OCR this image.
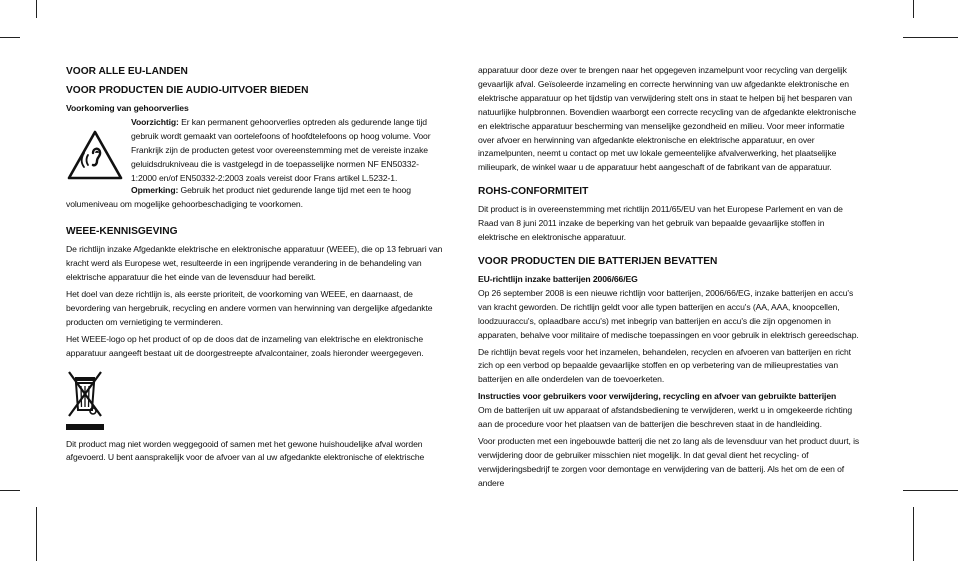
VOOR ALLE EU-LANDEN
VOOR PRODUCTEN DIE AUDIO-UITVOER BIEDEN
Voorkoming van gehoorverlies

Voorzichtig: Er kan permanent gehoorverlies optreden als gedurende lange tijd gebruik wordt gemaakt van oortelefoons of hoofdtelefoons op hoog volume. Voor Frankrijk zijn de producten getest voor overeenstemming met de vereiste inzake geluidsdrukniveau die is vastgelegd in de toepasselijke normen NF EN50332-1:2000 en/of EN50332-2:2003 zoals vereist door Frans artikel L.5232-1.

Opmerking: Gebruik het product niet gedurende lange tijd met een te hoog volumeniveau om mogelijke gehoorbeschadiging te voorkomen.

WEEE-KENNISGEVING

De richtlijn inzake Afgedankte elektrische en elektronische apparatuur (WEEE), die op 13 februari van kracht werd als Europese wet, resulteerde in een ingrijpende verandering in de behandeling van elektrische apparatuur die het einde van de levensduur had bereikt.

Het doel van deze richtlijn is, als eerste prioriteit, de voorkoming van WEEE, en daarnaast, de bevordering van hergebruik, recycling en andere vormen van herwinning van dergelijke afgedankte producten om vernietiging te verminderen.

Het WEEE-logo op het product of op de doos dat de inzameling van elektrische en elektronische apparatuur aangeeft bestaat uit de doorgestreepte afvalcontainer, zoals hieronder weergegeven.

Dit product mag niet worden weggegooid of samen met het gewone huishoudelijke afval worden afgevoerd. U bent aansprakelijk voor de afvoer van al uw afgedankte elektronische of elektrische

apparatuur door deze over te brengen naar het opgegeven inzamelpunt voor recycling van dergelijk gevaarlijk afval. Geïsoleerde inzameling en correcte herwinning van uw afgedankte elektronische en elektrische apparatuur op het tijdstip van verwijdering stelt ons in staat te helpen bij het besparen van natuurlijke hulpbronnen. Bovendien waarborgt een correcte recycling van de afgedankte elektronische en elektrische apparatuur bescherming van menselijke gezondheid en milieu. Voor meer informatie over afvoer en herwinning van afgedankte elektronische en elektrische apparatuur, en over inzamelpunten, neemt u contact op met uw lokale gemeentelijke afvalverwerking, het plaatselijke milieupark, de winkel waar u de apparatuur hebt aangeschaft of de fabrikant van de apparatuur.

ROHS-CONFORMITEIT

Dit product is in overeenstemming met richtlijn 2011/65/EU van het Europese Parlement en van de Raad van 8 juni 2011 inzake de beperking van het gebruik van bepaalde gevaarlijke stoffen in elektrische en elektronische apparatuur.

VOOR PRODUCTEN DIE BATTERIJEN BEVATTEN
EU-richtlijn inzake batterijen 2006/66/EG

Op 26 september 2008 is een nieuwe richtlijn voor batterijen, 2006/66/EG, inzake batterijen en accu's van kracht geworden. De richtlijn geldt voor alle typen batterijen en accu's (AA, AAA, knoopcellen, loodzuuraccu's, oplaadbare accu's) met inbegrip van batterijen en accu's die zijn opgenomen in apparaten, behalve voor militaire of medische toepassingen en voor gebruik in elektrisch gereedschap.

De richtlijn bevat regels voor het inzamelen, behandelen, recyclen en afvoeren van batterijen en richt zich op een verbod op bepaalde gevaarlijke stoffen en op verbetering van de milieuprestaties van batterijen en alle onderdelen van de toevoerketen.

Instructies voor gebruikers voor verwijdering, recycling en afvoer van gebruikte batterijen

Om de batterijen uit uw apparaat of afstandsbediening te verwijderen, werkt u in omgekeerde richting aan de procedure voor het plaatsen van de batterijen die beschreven staat in de handleiding.

Voor producten met een ingebouwde batterij die net zo lang als de levensduur van het product duurt, is verwijdering door de gebruiker misschien niet mogelijk. In dat geval dient het recycling- of verwijderingsbedrijf te zorgen voor demontage en verwijdering van de batterij. Als het om de een of andere
